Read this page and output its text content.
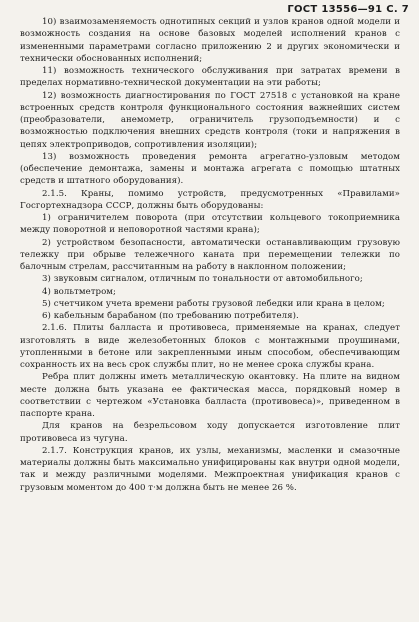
ГОСТ 13556—91 С. 7

10) взаимозаменяемость однотипных секций и узлов кранов одной модели и возможность создания на основе базовых моделей исполнений кранов с измененными параметрами согласно приложению 2 и других экономически и технически обоснованных исполнений;

11) возможность технического обслуживания при затратах времени в пределах нормативно-технической документации на эти работы;

12) возможность диагностирования по ГОСТ 27518 с установкой на кране встроенных средств контроля функционального состояния важнейших систем (преобразователи, анемометр, ограничитель грузоподъемности) и с возможностью подключения внешних средств контроля (токи и напряжения в цепях электроприводов, сопротивления изоляции);

13) возможность проведения ремонта агрегатно-узловым методом (обеспечение демонтажа, замены и монтажа агрегата с помощью штатных средств и штатного оборудования).

2.1.5. Краны, помимо устройств, предусмотренных «Правилами» Госгортехнадзора СССР, должны быть оборудованы:

1) ограничителем поворота (при отсутствии кольцевого токоприемника между поворотной и неповоротной частями крана);

2) устройством безопасности, автоматически останавливающим грузовую тележку при обрыве тележечного каната при перемещении тележки по балочным стрелам, рассчитанным на работу в наклонном положении;

3) звуковым сигналом, отличным по тональности от автомобильного;

4) вольтметром;

5) счетчиком учета времени работы грузовой лебедки или крана в целом;

6) кабельным барабаном (по требованию потребителя).

2.1.6. Плиты балласта и противовеса, применяемые на кранах, следует изготовлять в виде железобетонных блоков с монтажными проушинами, утопленными в бетоне или закрепленными иным способом, обеспечивающим сохранность их на весь срок службы плит, но не менее срока службы крана.

Ребра плит должны иметь металлическую окантовку. На плите на видном месте должна быть указана ее фактическая масса, порядковый номер в соответствии с чертежом «Установка балласта (противовеса)», приведенном в паспорте крана.

Для кранов на безрельсовом ходу допускается изготовление плит противовеса из чугуна.

2.1.7. Конструкция кранов, их узлы, механизмы, масленки и смазочные материалы должны быть максимально унифицированы как внутри одной модели, так и между различными моделями. Межпроектная унификация кранов с грузовым моментом до 400 т·м должна быть не менее 26 %.
